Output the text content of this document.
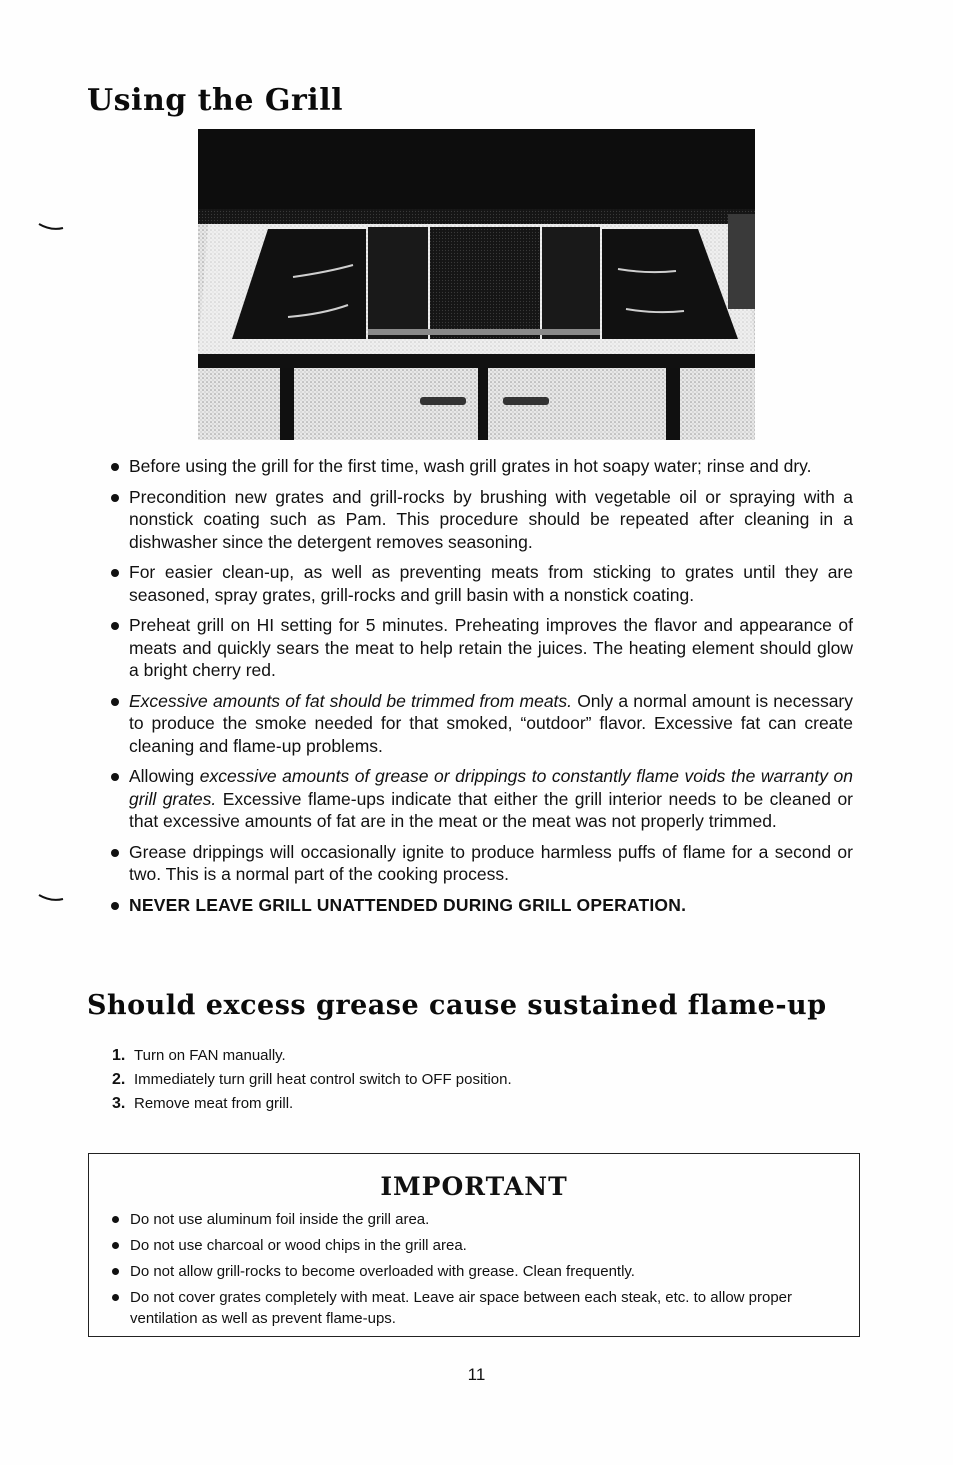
Using the Grill
Before using the grill for the first time, wash grill grates in hot soapy water; rinse and dry.
Precondition new grates and grill-rocks by brushing with vegetable oil or spraying with a nonstick coating such as Pam. This procedure should be repeated after cleaning in a dishwasher since the detergent removes seasoning.
For easier clean-up, as well as preventing meats from sticking to grates until they are seasoned, spray grates, grill-rocks and grill basin with a nonstick coating.
Preheat grill on HI setting for 5 minutes. Preheating improves the flavor and appearance of meats and quickly sears the meat to help retain the juices. The heating element should glow a bright cherry red.
Excessive amounts of fat should be trimmed from meats. Only a normal amount is necessary to produce the smoke needed for that smoked, “outdoor” flavor. Excessive fat can create cleaning and flame-up problems.
Allowing excessive amounts of grease or drippings to constantly flame voids the warranty on grill grates. Excessive flame-ups indicate that either the grill interior needs to be cleaned or that excessive amounts of fat are in the meat or the meat was not properly trimmed.
Grease drippings will occasionally ignite to produce harmless puffs of flame for a second or two. This is a normal part of the cooking process.
NEVER LEAVE GRILL UNATTENDED DURING GRILL OPERATION.
Should excess grease cause sustained flame-up
1. Turn on FAN manually.
2. Immediately turn grill heat control switch to OFF position.
3. Remove meat from grill.
IMPORTANT
Do not use aluminum foil inside the grill area.
Do not use charcoal or wood chips in the grill area.
Do not allow grill-rocks to become overloaded with grease. Clean frequently.
Do not cover grates completely with meat. Leave air space between each steak, etc. to allow proper ventilation as well as prevent flame-ups.
11
